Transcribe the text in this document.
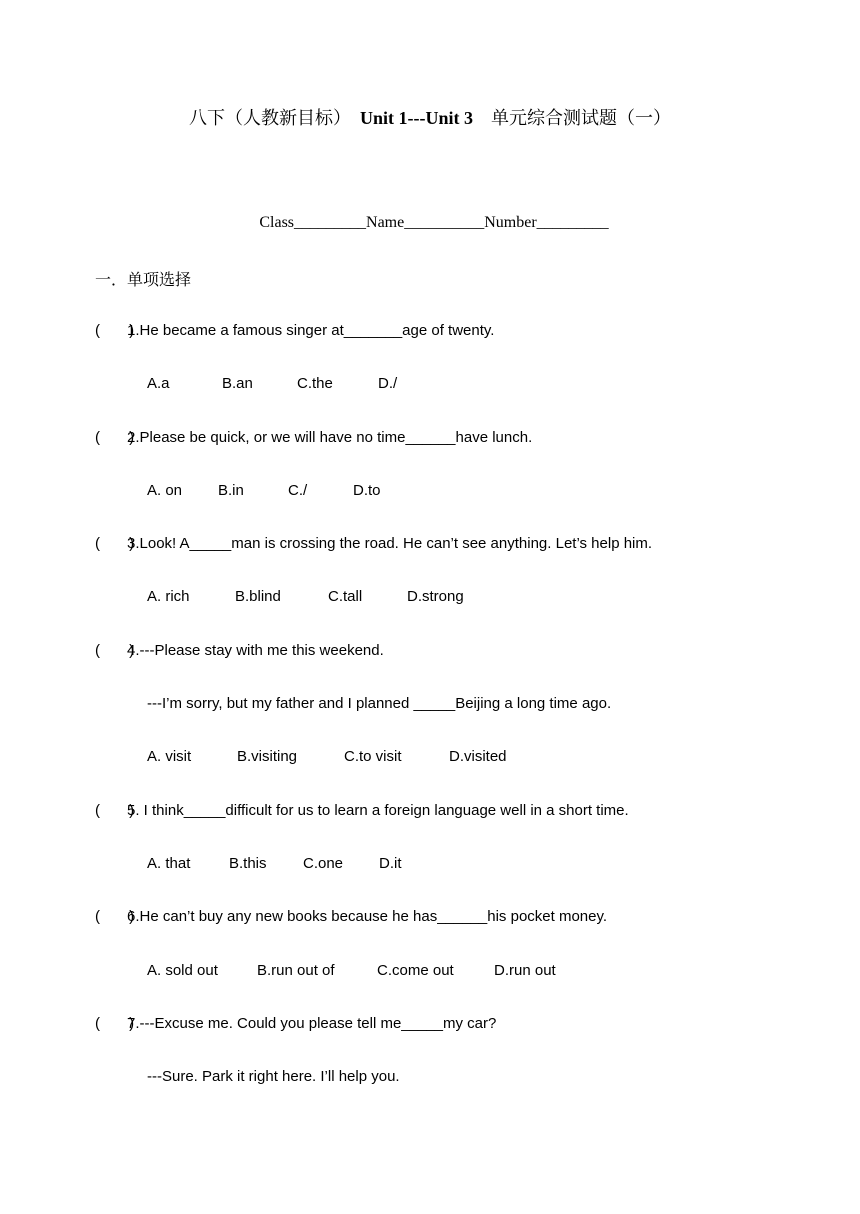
八下（人教新目标） Unit 1---Unit 3 单元综合测试题（一）
Class_________Name__________Number_________
一．单项选择
(       )
1.He became a famous singer at_______age of twenty.
A.a	B.an	C.the	D./
(       )
2.Please be quick, or we will have no time______have lunch.
A. on B.in	C./	D.to
(       )
3.Look! A_____man is crossing the road. He can’t see anything. Let’s help him.
A. rich	B.blind	C.tall	D.strong
(       )
4.---Please stay with me this weekend.
---I’m sorry, but my father and I planned _____Beijing a long time ago.
A. visit	B.visiting	C.to visit	D.visited
(       )
5. I think_____difficult for us to learn a foreign language well in a short time.
A. that	B.this C.one D.it
(       )
6.He can’t buy any new books because he has______his pocket money.
A. sold out	B.run out of	C.come out	D.run out
(       )
7.---Excuse me. Could you please tell me_____my car?
---Sure. Park it right here. I’ll help you.
